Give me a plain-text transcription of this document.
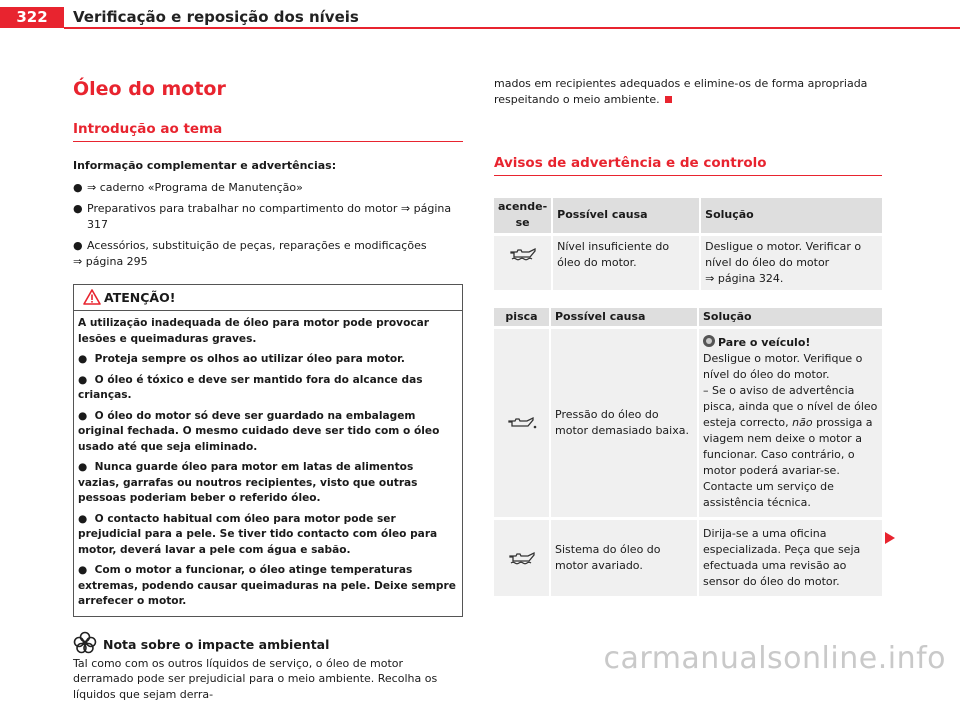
322	Verificação e reposição dos níveis
Óleo do motor
Introdução ao tema
Informação complementar e advertências:
● ⇒ caderno «Programa de Manutenção»
● Preparativos para trabalhar no compartimento do motor ⇒ página 317
● Acessórios, substituição de peças, reparações e modificações
⇒ página 295
ATENÇÃO!
A utilização inadequada de óleo para motor pode provocar lesões e queimaduras graves.
●  Proteja sempre os olhos ao utilizar óleo para motor.
●  O óleo é tóxico e deve ser mantido fora do alcance das crianças.
●  O óleo do motor só deve ser guardado na embalagem original fechada. O mesmo cuidado deve ser tido com o óleo usado até que seja eliminado.
●  Nunca guarde óleo para motor em latas de alimentos vazias, garrafas ou noutros recipientes, visto que outras pessoas poderiam beber o referido óleo.
●  O contacto habitual com óleo para motor pode ser prejudicial para a pele. Se tiver tido contacto com óleo para motor, deverá lavar a pele com água e sabão.
●  Com o motor a funcionar, o óleo atinge temperaturas extremas, podendo causar queimaduras na pele. Deixe sempre arrefecer o motor.
Nota sobre o impacte ambiental
Tal como com os outros líquidos de serviço, o óleo de motor derramado pode ser prejudicial para o meio ambiente. Recolha os líquidos que sejam derra-
mados em recipientes adequados e elimine-os de forma apropriada respeitando o meio ambiente.
Avisos de advertência e de controlo
acende-se	Possível causa	Solução

	Nível insuficiente do óleo do motor.	Desligue o motor. Verificar o nível do óleo do motor
⇒ página 324.
pisca	Possível causa	Solução

	Pressão do óleo do motor demasiado baixa.	Pare o veículo!
Desligue o motor. Verifique o nível do óleo do motor.
– Se o aviso de advertência pisca, ainda que o nível de óleo esteja correcto, não prossiga a viagem nem deixe o motor a funcionar. Caso contrário, o motor poderá avariar-se. Contacte um serviço de assistência técnica.

	Sistema do óleo do motor avariado.	Dirija-se a uma oficina especializada. Peça que seja efectuada uma revisão ao sensor do óleo do motor.
carmanualsonline.info
